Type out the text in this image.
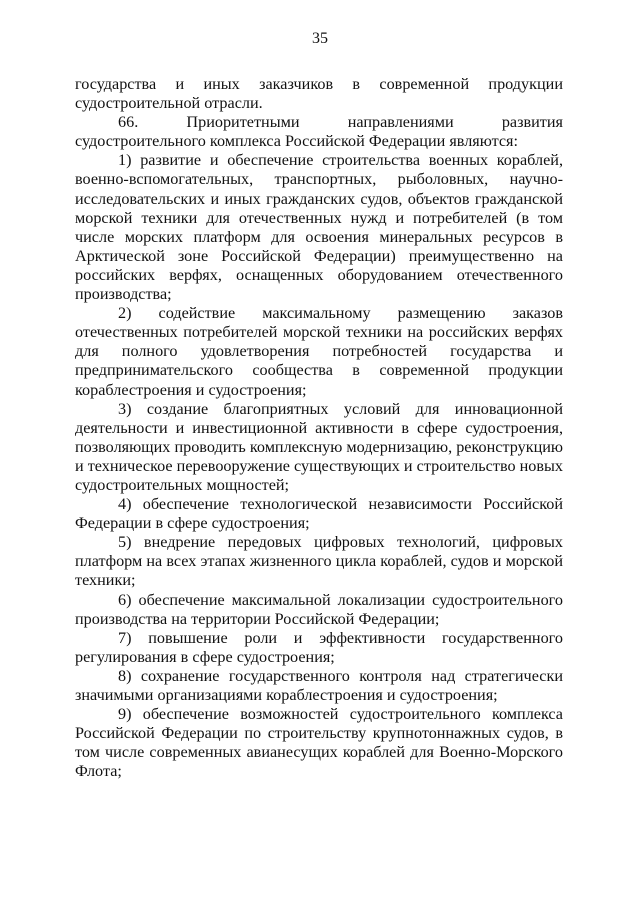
35

государства и иных заказчиков в современной продукции судостроительной отрасли.

66. Приоритетными направлениями развития судостроительного комплекса Российской Федерации являются:

1) развитие и обеспечение строительства военных кораблей, военно-вспомогательных, транспортных, рыболовных, научно-исследовательских и иных гражданских судов, объектов гражданской морской техники для отечественных нужд и потребителей (в том числе морских платформ для освоения минеральных ресурсов в Арктической зоне Российской Федерации) преимущественно на российских верфях, оснащенных оборудованием отечественного производства;

2) содействие максимальному размещению заказов отечественных потребителей морской техники на российских верфях для полного удовлетворения потребностей государства и предпринимательского сообщества в современной продукции кораблестроения и судостроения;

3) создание благоприятных условий для инновационной деятельности и инвестиционной активности в сфере судостроения, позволяющих проводить комплексную модернизацию, реконструкцию и техническое перевооружение существующих и строительство новых судостроительных мощностей;

4) обеспечение технологической независимости Российской Федерации в сфере судостроения;

5) внедрение передовых цифровых технологий, цифровых платформ на всех этапах жизненного цикла кораблей, судов и морской техники;

6) обеспечение максимальной локализации судостроительного производства на территории Российской Федерации;

7) повышение роли и эффективности государственного регулирования в сфере судостроения;

8) сохранение государственного контроля над стратегически значимыми организациями кораблестроения и судостроения;

9) обеспечение возможностей судостроительного комплекса Российской Федерации по строительству крупнотоннажных судов, в том числе современных авианесущих кораблей для Военно-Морского Флота;
